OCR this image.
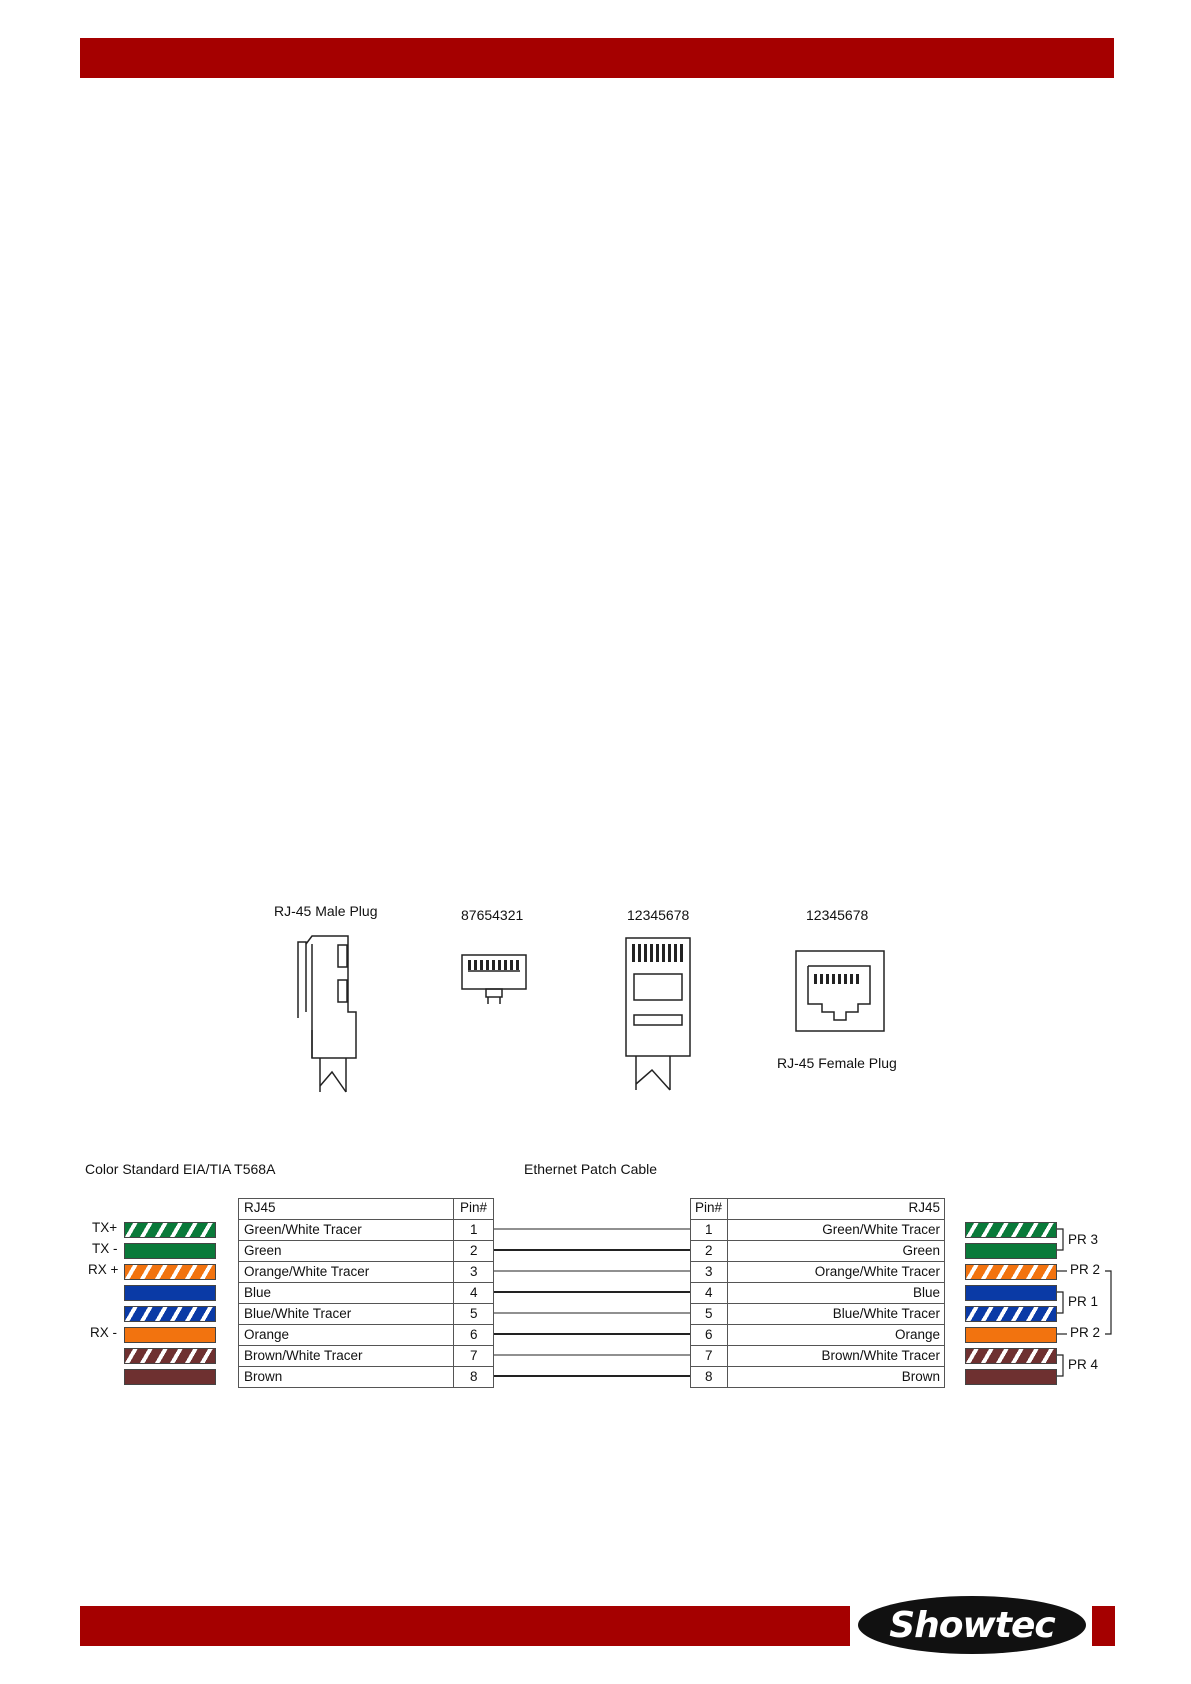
RJ-45 Male Plug	87654321	12345678	12345678
RJ-45 Female Plug
Color Standard EIA/TIA T568A	Ethernet Patch Cable
TX+
TX -
RX +
RX -
RJ45	Pin#
Green/White Tracer	1
Green	2
Orange/White Tracer	3
Blue	4
Blue/White Tracer	5
Orange	6
Brown/White Tracer	7
Brown	8
Pin#	RJ45
1	Green/White Tracer
2	Green
3	Orange/White Tracer
4	Blue
5	Blue/White Tracer
6	Orange
7	Brown/White Tracer
8	Brown
PR 3
PR 2
PR 1
PR 2
PR 4
Showtec
